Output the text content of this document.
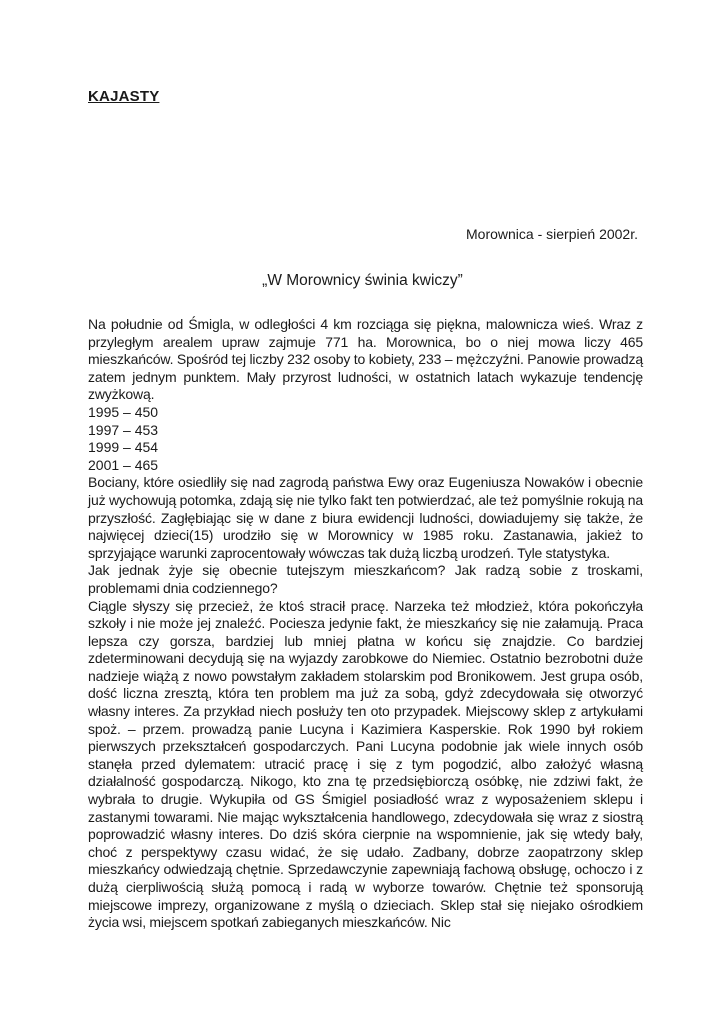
KAJASTY
Morownica - sierpień 2002r.
„W Morownicy świnia kwiczy”

Na południe od Śmigla, w odległości 4 km rozciąga się piękna, malownicza wieś. Wraz z przyległym arealem upraw zajmuje 771 ha. Morownica, bo o niej mowa liczy 465 mieszkańców. Spośród tej liczby 232 osoby to kobiety, 233 – mężczyźni. Panowie prowadzą zatem jednym punktem. Mały przyrost ludności, w ostatnich latach wykazuje tendencję zwyżkową.

1995 – 450
1997 – 453
1999 – 454
2001 – 465

Bociany, które osiedliły się nad zagrodą państwa Ewy oraz Eugeniusza Nowaków i obecnie już wychowują potomka, zdają się nie tylko fakt ten potwierdzać, ale też pomyślnie rokują na przyszłość. Zagłębiając się w dane z biura ewidencji ludności, dowiadujemy się także, że najwięcej dzieci(15) urodziło się w Morownicy w 1985 roku. Zastanawia, jakież to sprzyjające warunki zaprocentowały wówczas tak dużą liczbą urodzeń. Tyle statystyka.

Jak jednak żyje się obecnie tutejszym mieszkańcom? Jak radzą sobie z troskami, problemami dnia codziennego?

Ciągle słyszy się przecież, że ktoś stracił pracę. Narzeka też młodzież, która pokończyła szkoły i nie może jej znaleźć. Pociesza jedynie fakt, że mieszkańcy się nie załamują. Praca lepsza czy gorsza, bardziej lub mniej płatna w końcu się znajdzie. Co bardziej zdeterminowani decydują się na wyjazdy zarobkowe do Niemiec. Ostatnio bezrobotni duże nadzieje wiążą z nowo powstałym zakładem stolarskim pod Bronikowem. Jest grupa osób, dość liczna zresztą, która ten problem ma już za sobą, gdyż zdecydowała się otworzyć własny interes. Za przykład niech posłuży ten oto przypadek. Miejscowy sklep z artykułami spoż. – przem. prowadzą panie Lucyna i Kazimiera Kasperskie. Rok 1990 był rokiem pierwszych przekształceń gospodarczych. Pani Lucyna podobnie jak wiele innych osób stanęła przed dylematem: utracić pracę i się z tym pogodzić, albo założyć własną działalność gospodarczą. Nikogo, kto zna tę przedsiębiorczą osóbkę, nie zdziwi fakt, że wybrała to drugie. Wykupiła od GS Śmigiel posiadłość wraz z wyposażeniem sklepu i zastanymi towarami. Nie mając wykształcenia handlowego, zdecydowała się wraz z siostrą poprowadzić własny interes. Do dziś skóra cierpnie na wspomnienie, jak się wtedy bały, choć z perspektywy czasu widać, że się udało. Zadbany, dobrze zaopatrzony sklep mieszkańcy odwiedzają chętnie. Sprzedawczynie zapewniają fachową obsługę, ochoczo i z dużą cierpliwością służą pomocą i radą w wyborze towarów. Chętnie też sponsorują miejscowe imprezy, organizowane z myślą o dzieciach. Sklep stał się niejako ośrodkiem życia wsi, miejscem spotkań zabieganych mieszkańców. Nic
